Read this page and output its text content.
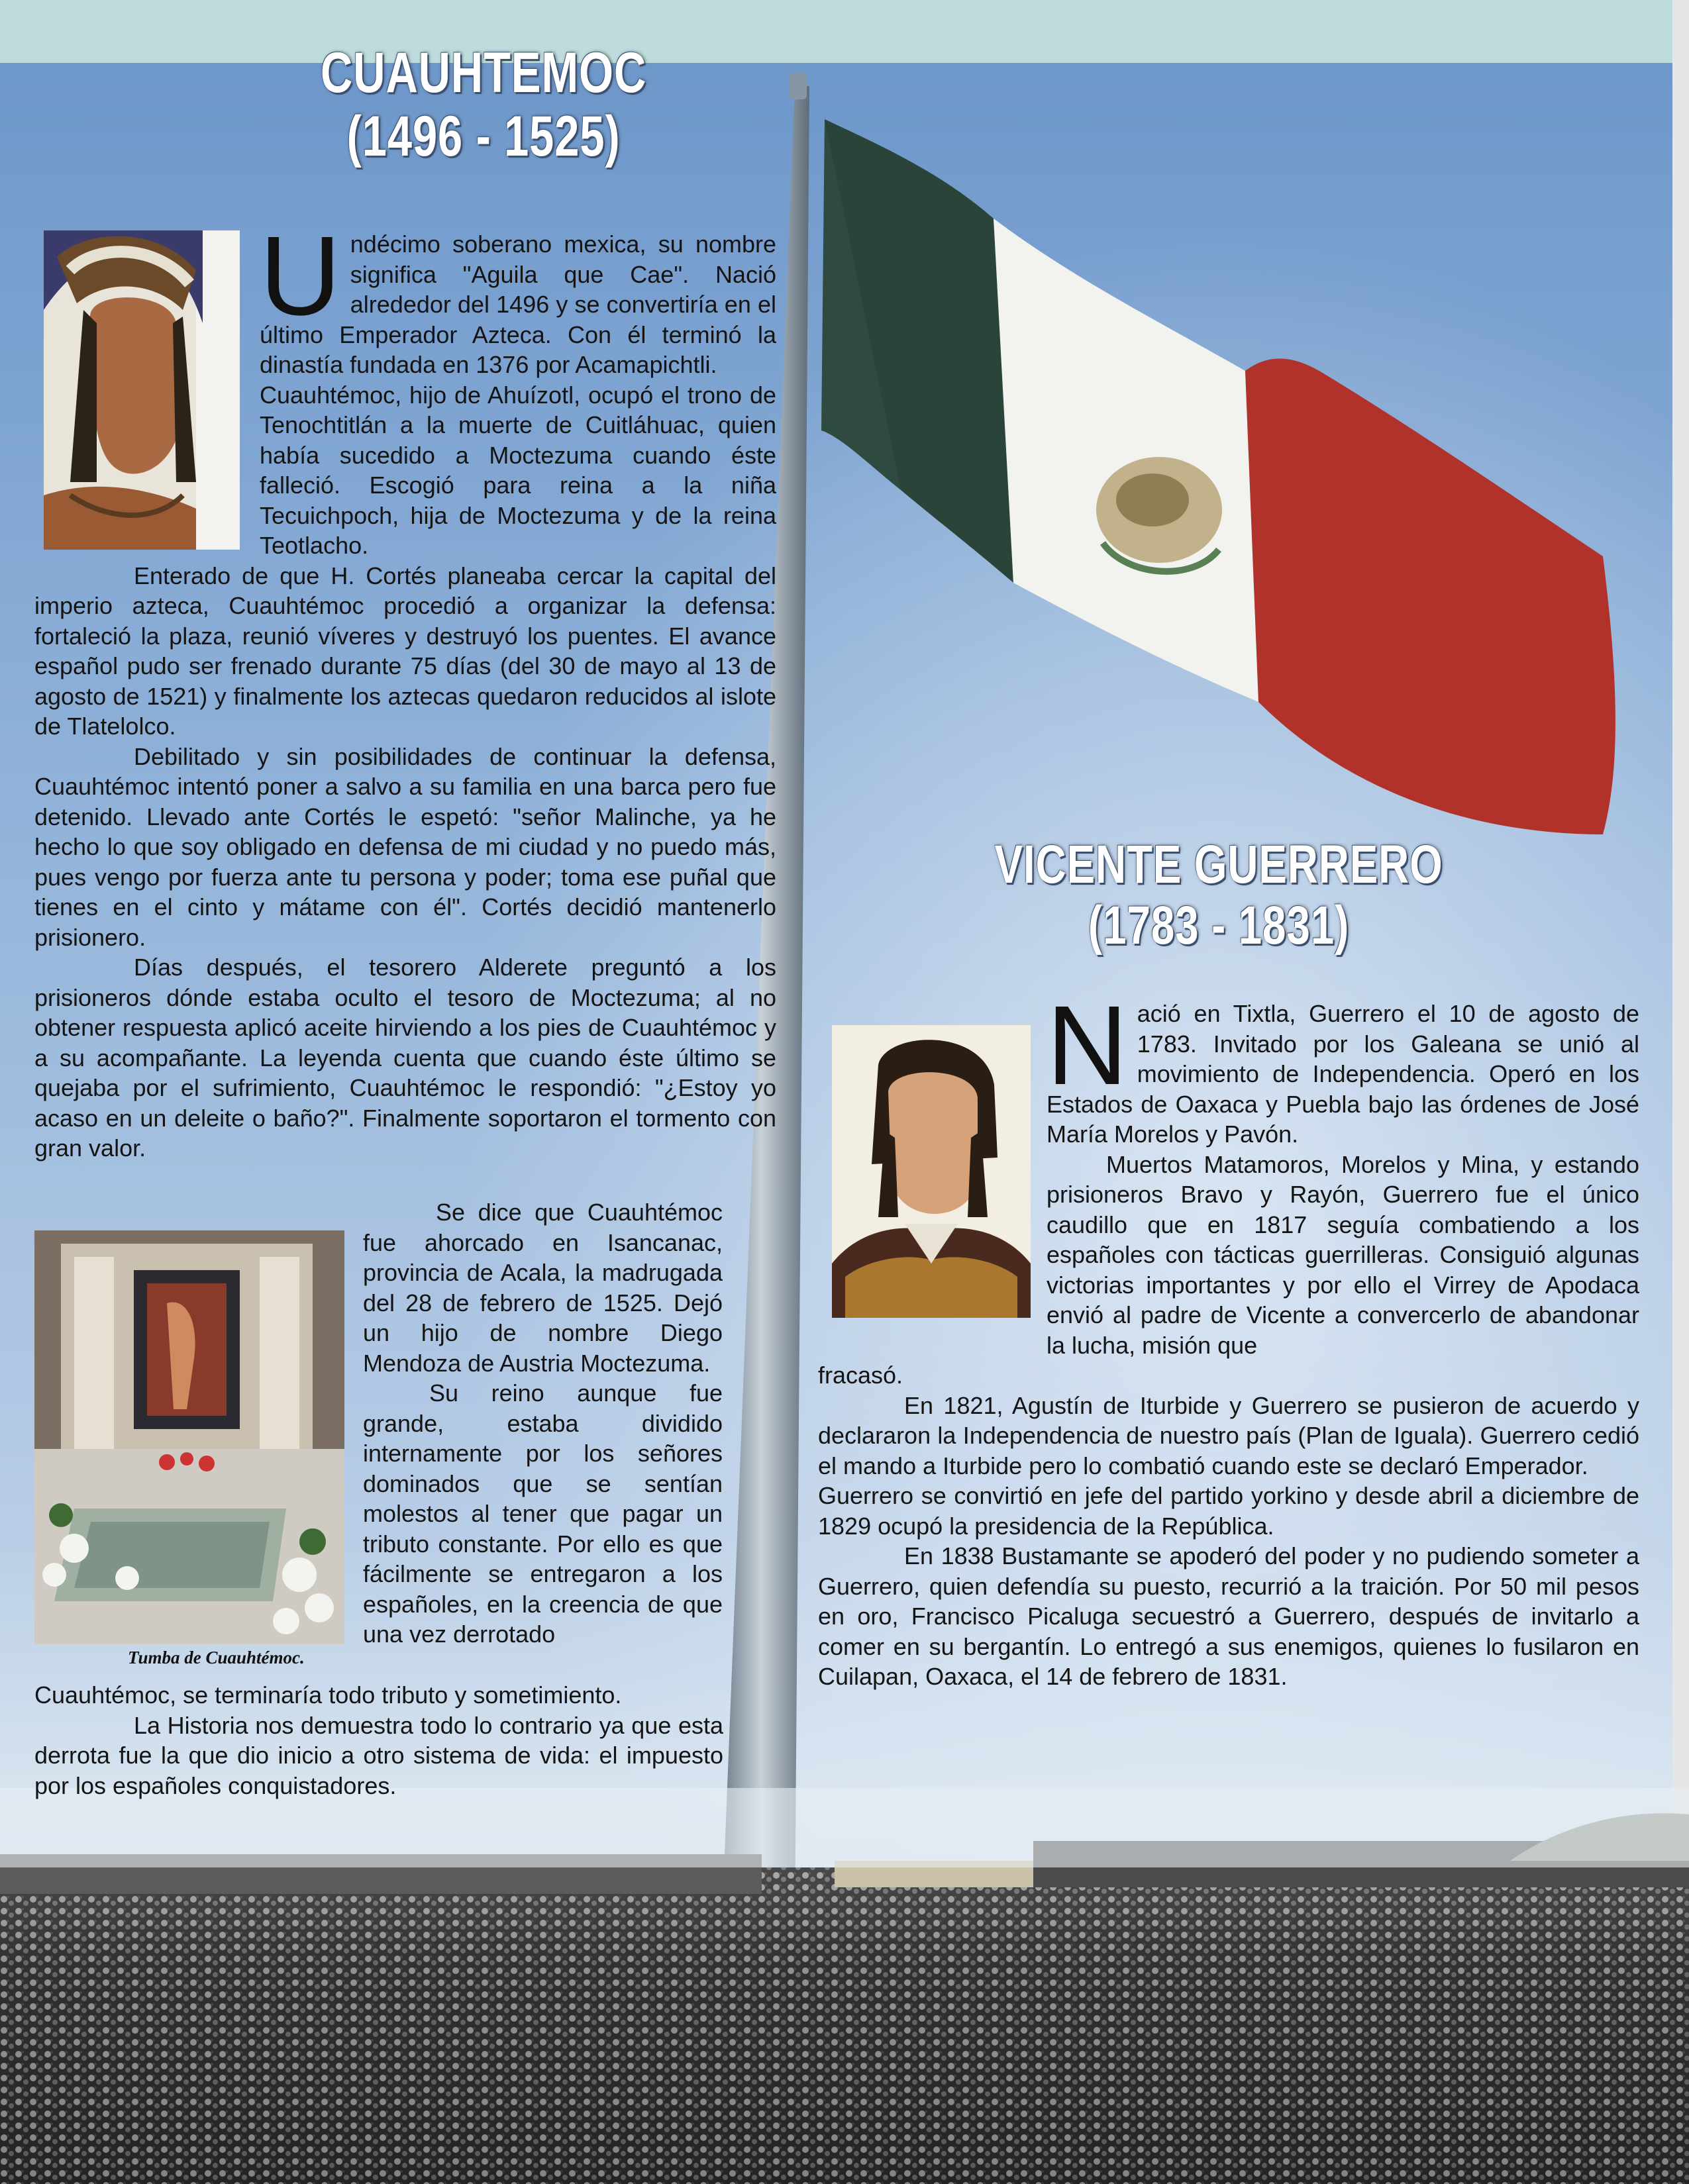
CUAUHTEMOC
(1496 - 1525)

Undécimo soberano mexica, su nombre significa "Aguila que Cae". Nació alrededor del 1496 y se convertiría en el último Emperador Azteca. Con él terminó la dinastía fundada en 1376 por Acamapichtli.

Cuauhtémoc, hijo de Ahuízotl, ocupó el trono de Tenochtitlán a la muerte de Cuitláhuac, quien había sucedido a Moctezuma cuando éste falleció. Escogió para reina a la niña Tecuichpoch, hija de Moctezuma y de la reina Teotlacho.

Enterado de que H. Cortés planeaba cercar la capital del imperio azteca, Cuauhtémoc procedió a organizar la defensa: fortaleció la plaza, reunió víveres y destruyó los puentes. El avance español pudo ser frenado durante 75 días (del 30 de mayo al 13 de agosto de 1521) y finalmente los aztecas quedaron reducidos al islote de Tlatelolco.

Debilitado y sin posibilidades de continuar la defensa, Cuauhtémoc intentó poner a salvo a su familia en una barca pero fue detenido. Llevado ante Cortés le espetó: "señor Malinche, ya he hecho lo que soy obligado en defensa de mi ciudad y no puedo más, pues vengo por fuerza ante tu persona y poder; toma ese puñal que tienes en el cinto y mátame con él". Cortés decidió mantenerlo prisionero.

Días después, el tesorero Alderete preguntó a los prisioneros dónde estaba oculto el tesoro de Moctezuma; al no obtener respuesta aplicó aceite hirviendo a los pies de Cuauhtémoc y a su acompañante. La leyenda cuenta que cuando éste último se quejaba por el sufrimiento, Cuauhtémoc le respondió: "¿Estoy yo acaso en un deleite o baño?". Finalmente soportaron el tormento con gran valor.

Tumba de Cuauhtémoc.

Se dice que Cuauhtémoc fue ahorcado en Isancanac, provincia de Acala, la madrugada del 28 de febrero de 1525. Dejó un hijo de nombre Diego Mendoza de Austria Moctezuma.

Su reino aunque fue grande, estaba dividido internamente por los señores dominados que se sentían molestos al tener que pagar un tributo constante. Por ello es que fácilmente se entregaron a los españoles, en la creencia de que una vez derrotado

Cuauhtémoc, se terminaría todo tributo y sometimiento.

La Historia nos demuestra todo lo contrario ya que esta derrota fue la que dio inicio a otro sistema de vida: el impuesto por los españoles conquistadores.

VICENTE GUERRERO
(1783 - 1831)

Nació en Tixtla, Guerrero el 10 de agosto de 1783. Invitado por los Galeana se unió al movimiento de Independencia. Operó en los Estados de Oaxaca y Puebla bajo las órdenes de José María Morelos y Pavón.

Muertos Matamoros, Morelos y Mina, y estando prisioneros Bravo y Rayón, Guerrero fue el único caudillo que en 1817 seguía combatiendo a los españoles con tácticas guerrilleras. Consiguió algunas victorias importantes y por ello el Virrey de Apodaca envió al padre de Vicente a convercerlo de abandonar la lucha, misión que

fracasó.

En 1821, Agustín de Iturbide y Guerrero se pusieron de acuerdo y declararon la Independencia de nuestro país (Plan de Iguala). Guerrero cedió el mando a Iturbide pero lo combatió cuando este se declaró Emperador.

Guerrero se convirtió en jefe del partido yorkino y desde abril a diciembre de 1829 ocupó la presidencia de la República.

En 1838 Bustamante se apoderó del poder y no pudiendo someter a Guerrero, quien defendía su puesto, recurrió a la traición. Por 50 mil pesos en oro, Francisco Picaluga secuestró a Guerrero, después de invitarlo a comer en su bergantín. Lo entregó a sus enemigos, quienes lo fusilaron en Cuilapan, Oaxaca, el 14 de febrero de 1831.
